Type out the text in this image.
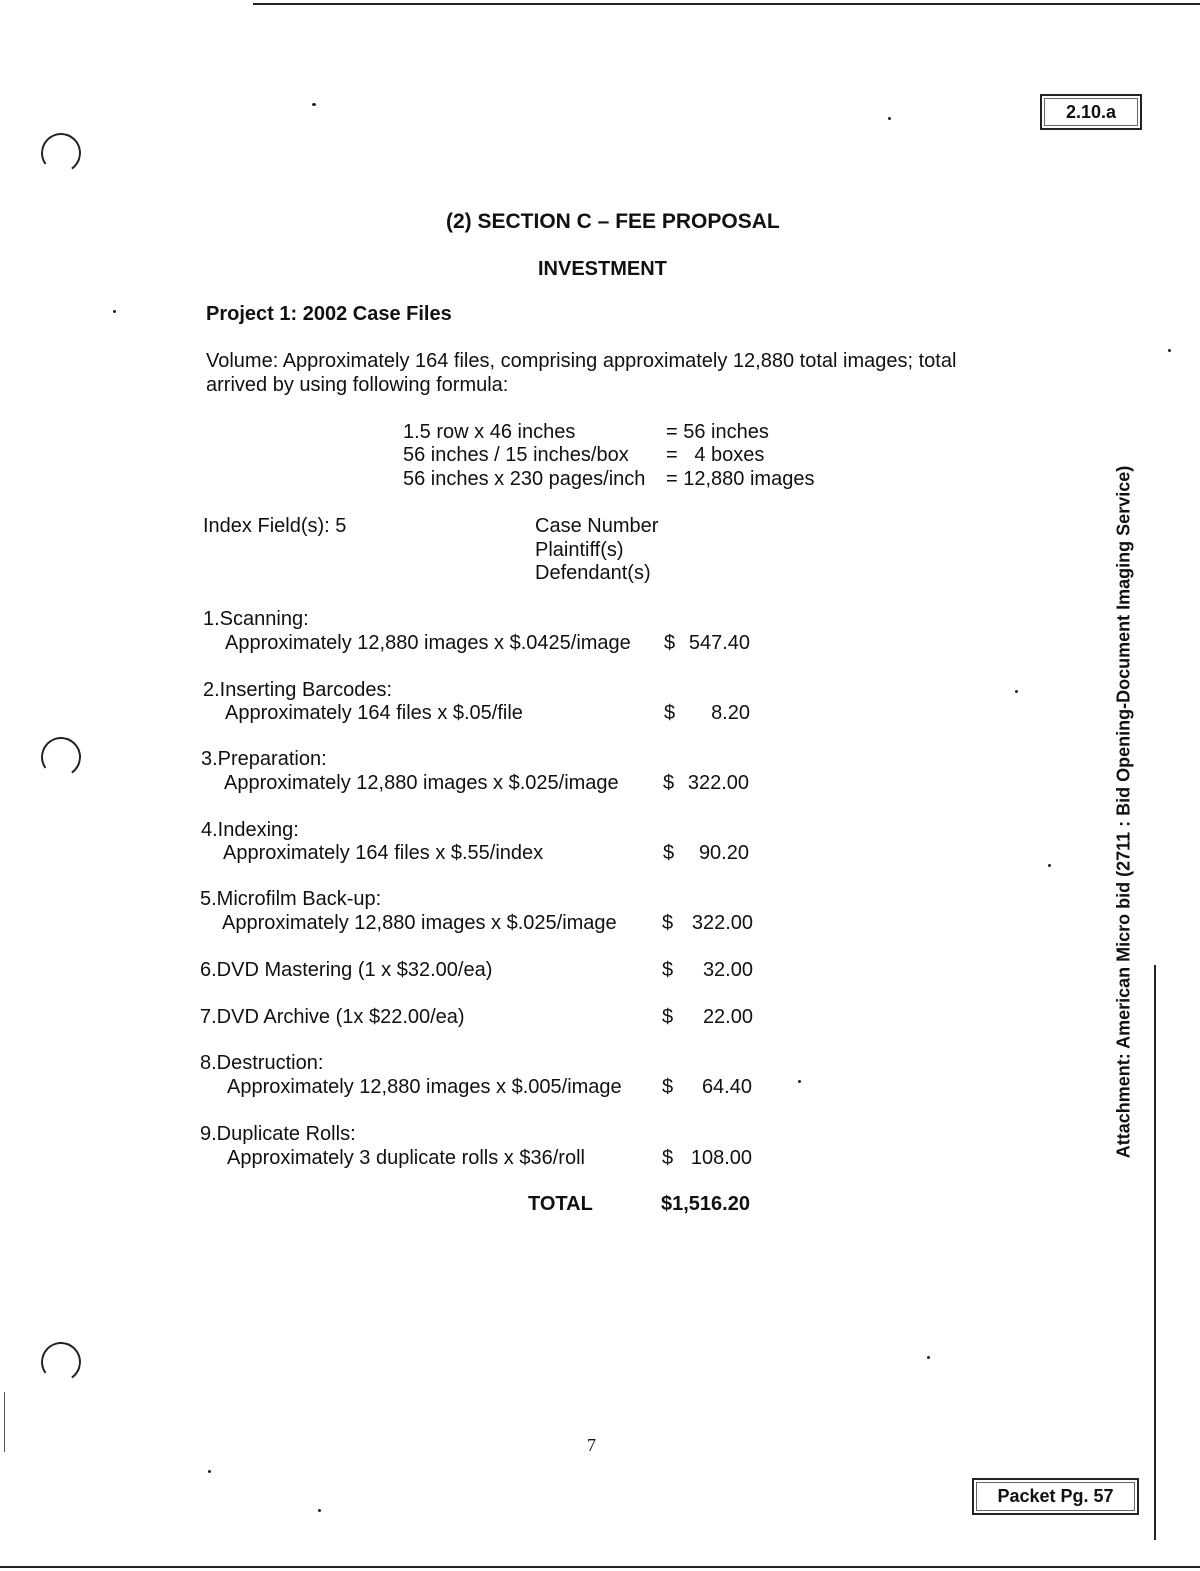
2.10.a
Packet Pg. 57
(2) SECTION C – FEE PROPOSAL
INVESTMENT
Project 1: 2002 Case Files
Volume: Approximately 164 files, comprising approximately 12,880 total images; total
arrived by using following formula:
1.5 row x 46 inches	= 56 inches
56 inches / 15 inches/box =   4 boxes
56 inches x 230 pages/inch = 12,880 images
Index Field(s): 5	Case Number
Plaintiff(s)
Defendant(s)
1.Scanning:
Approximately 12,880 images x $.0425/image $ 547.40
2.Inserting Barcodes:
Approximately 164 files x $.05/file	$ 8.20
3.Preparation:
Approximately 12,880 images x $.025/image $ 322.00
4.Indexing:
Approximately 164 files x $.55/index	$ 90.20
5.Microfilm Back-up:
Approximately 12,880 images x $.025/image $ 322.00
6.DVD Mastering (1 x $32.00/ea)	$ 32.00
7.DVD Archive (1x $22.00/ea)	$ 22.00
8.Destruction:
Approximately 12,880 images x $.005/image $ 64.40
9.Duplicate Rolls:
Approximately 3 duplicate rolls x $36/roll	$ 108.00
TOTAL	$1,516.20
7
Attachment: American Micro bid (2711 : Bid Opening-Document Imaging Service)
